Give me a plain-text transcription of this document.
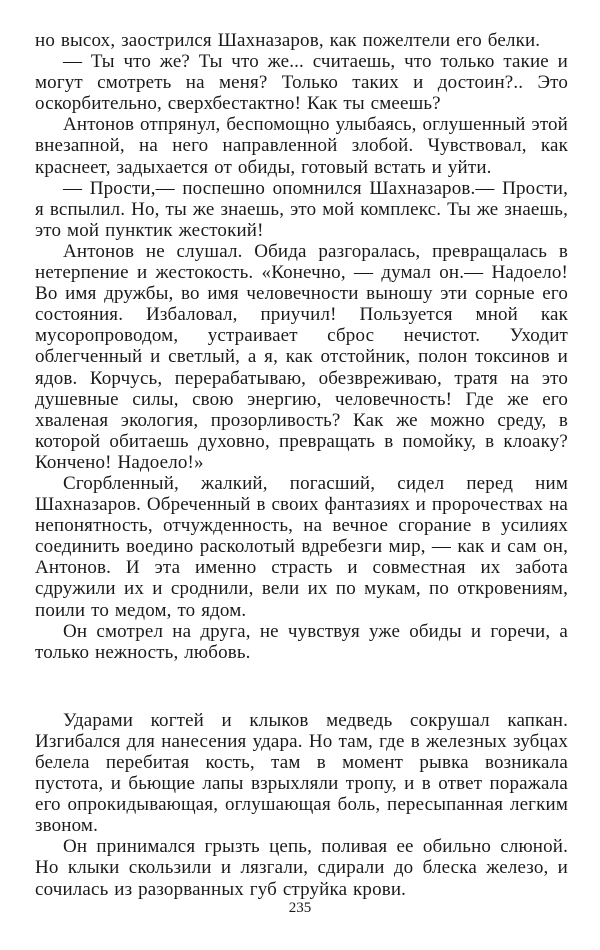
но высох, заострился Шахназаров, как пожелтели его белки.

— Ты что же? Ты что же... считаешь, что только такие и могут смотреть на меня? Только таких и достоин?.. Это оскорбительно, сверхбестактно! Как ты смеешь?

Антонов отпрянул, беспомощно улыбаясь, оглушенный этой внезапной, на него направленной злобой. Чувствовал, как краснеет, задыхается от обиды, готовый встать и уйти.

— Прости,— поспешно опомнился Шахназаров.— Прости, я вспылил. Но, ты же знаешь, это мой комплекс. Ты же знаешь, это мой пунктик жестокий!

Антонов не слушал. Обида разгоралась, превращалась в нетерпение и жестокость. «Конечно, — думал он.— Надоело! Во имя дружбы, во имя человечности выношу эти сорные его состояния. Избаловал, приучил! Пользуется мной как мусоропроводом, устраивает сброс нечистот. Уходит облегченный и светлый, а я, как отстойник, полон токсинов и ядов. Корчусь, перерабатываю, обезвреживаю, тратя на это душевные силы, свою энергию, человечность! Где же его хваленая экология, прозорливость? Как же можно среду, в которой обитаешь духовно, превращать в помойку, в клоаку? Кончено! Надоело!»

Сгорбленный, жалкий, погасший, сидел перед ним Шахназаров. Обреченный в своих фантазиях и пророчествах на непонятность, отчужденность, на вечное сгорание в усилиях соединить воедино расколотый вдребезги мир, — как и сам он, Антонов. И эта именно страсть и совместная их забота сдружили их и сроднили, вели их по мукам, по откровениям, поили то медом, то ядом.

Он смотрел на друга, не чувствуя уже обиды и горечи, а только нежность, любовь.

Ударами когтей и клыков медведь сокрушал капкан. Изгибался для нанесения удара. Но там, где в железных зубцах белела перебитая кость, там в момент рывка возникала пустота, и бьющие лапы взрыхляли тропу, и в ответ поражала его опрокидывающая, оглушающая боль, пересыпанная легким звоном.

Он принимался грызть цепь, поливая ее обильно слюной. Но клыки скользили и лязгали, сдирали до блеска железо, и сочилась из разорванных губ струйка крови.

235
